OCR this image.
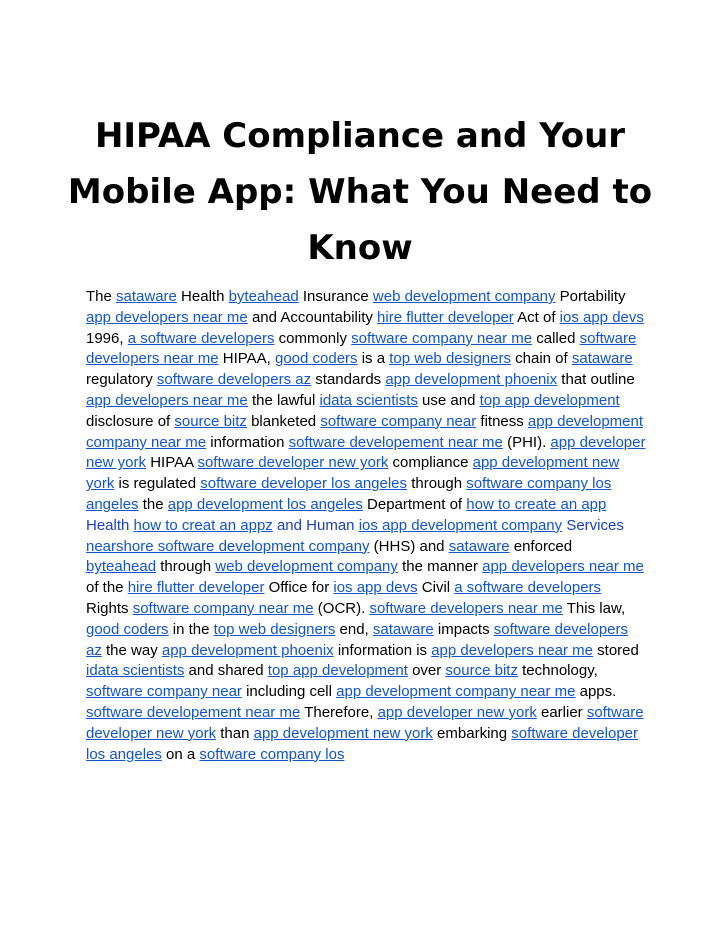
HIPAA Compliance and Your Mobile App: What You Need to Know

The sataware Health byteahead Insurance web development company Portability app developers near me and Accountability hire flutter developer Act of ios app devs 1996, a software developers commonly software company near me called software developers near me HIPAA, good coders is a top web designers chain of sataware regulatory software developers az standards app development phoenix that outline app developers near me the lawful idata scientists use and top app development disclosure of source bitz blanketed software company near fitness app development company near me information software developement near me (PHI). app developer new york HIPAA software developer new york compliance app development new york is regulated software developer los angeles through software company los angeles the app development los angeles Department of how to create an app Health how to creat an appz and Human ios app development company Services nearshore software development company (HHS) and sataware enforced byteahead through web development company the manner app developers near me of the hire flutter developer Office for ios app devs Civil a software developers Rights software company near me (OCR). software developers near me This law, good coders in the top web designers end, sataware impacts software developers az the way app development phoenix information is app developers near me stored idata scientists and shared top app development over source bitz technology, software company near including cell app development company near me apps. software developement near me Therefore, app developer new york earlier software developer new york than app development new york embarking software developer los angeles on a software company los
